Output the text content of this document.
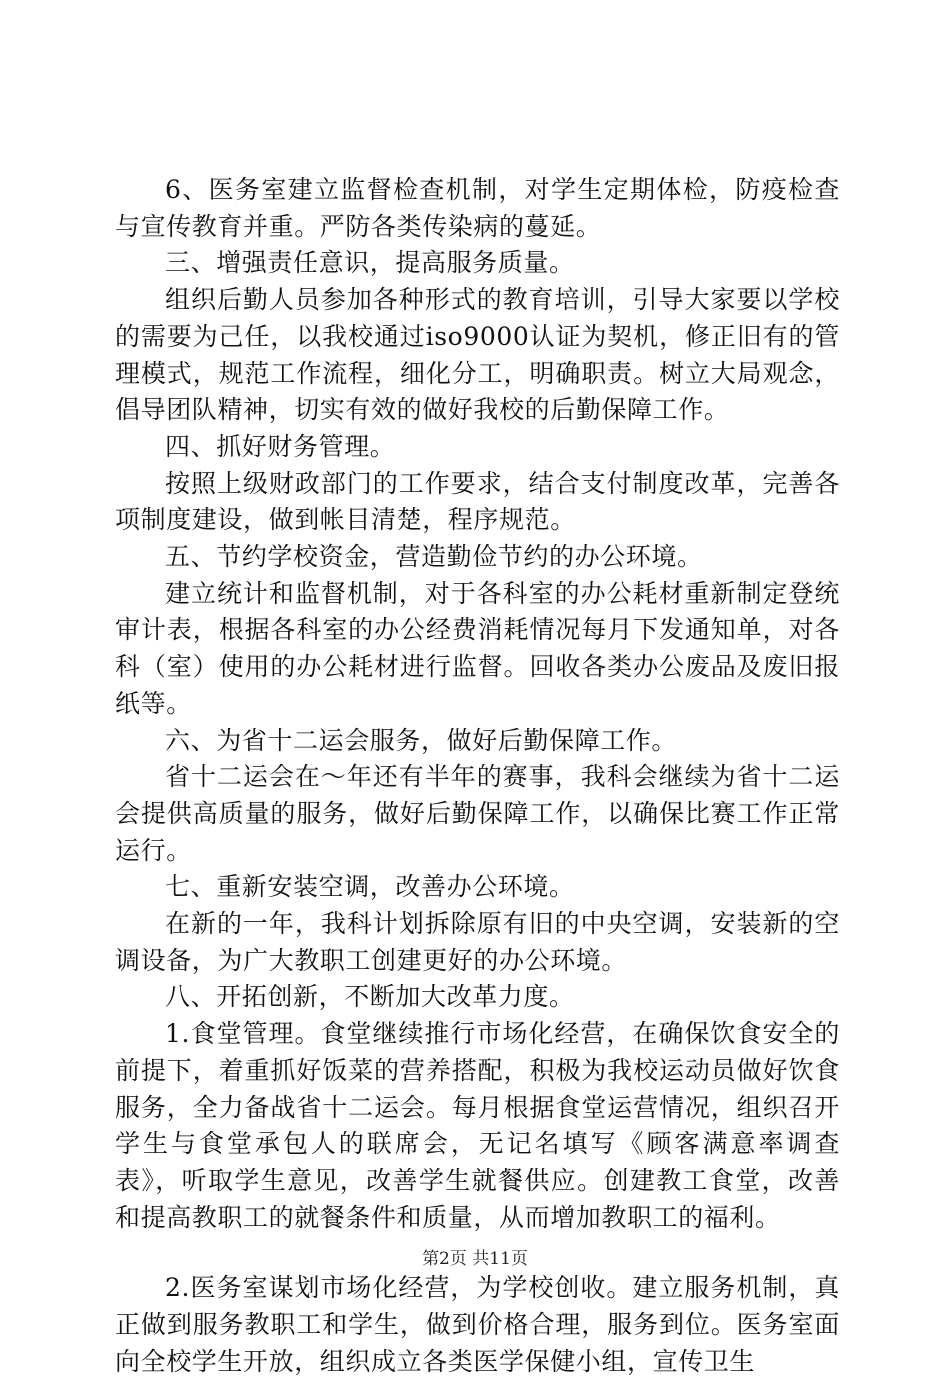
6、医务室建立监督检查机制，对学生定期体检，防疫检查与宣传教育并重。严防各类传染病的蔓延。

三、增强责任意识，提高服务质量。

组织后勤人员参加各种形式的教育培训，引导大家要以学校的需要为己任，以我校通过iso9000认证为契机，修正旧有的管理模式，规范工作流程，细化分工，明确职责。树立大局观念，倡导团队精神，切实有效的做好我校的后勤保障工作。

四、抓好财务管理。

按照上级财政部门的工作要求，结合支付制度改革，完善各项制度建设，做到帐目清楚，程序规范。

五、节约学校资金，营造勤俭节约的办公环境。

建立统计和监督机制，对于各科室的办公耗材重新制定登统审计表，根据各科室的办公经费消耗情况每月下发通知单，对各科（室）使用的办公耗材进行监督。回收各类办公废品及废旧报纸等。

六、为省十二运会服务，做好后勤保障工作。

省十二运会在～年还有半年的赛事，我科会继续为省十二运会提供高质量的服务，做好后勤保障工作，以确保比赛工作正常运行。

七、重新安装空调，改善办公环境。

在新的一年，我科计划拆除原有旧的中央空调，安装新的空调设备，为广大教职工创建更好的办公环境。

八、开拓创新，不断加大改革力度。

1.食堂管理。食堂继续推行市场化经营，在确保饮食安全的前提下，着重抓好饭菜的营养搭配，积极为我校运动员做好饮食服务，全力备战省十二运会。每月根据食堂运营情况，组织召开学生与食堂承包人的联席会，无记名填写《顾客满意率调查表》，听取学生意见，改善学生就餐供应。创建教工食堂，改善和提高教职工的就餐条件和质量，从而增加教职工的福利。

2.医务室谋划市场化经营，为学校创收。建立服务机制，真正做到服务教职工和学生，做到价格合理，服务到位。医务室面向全校学生开放，组织成立各类医学保健小组，宣传卫生

第2页 共11页
